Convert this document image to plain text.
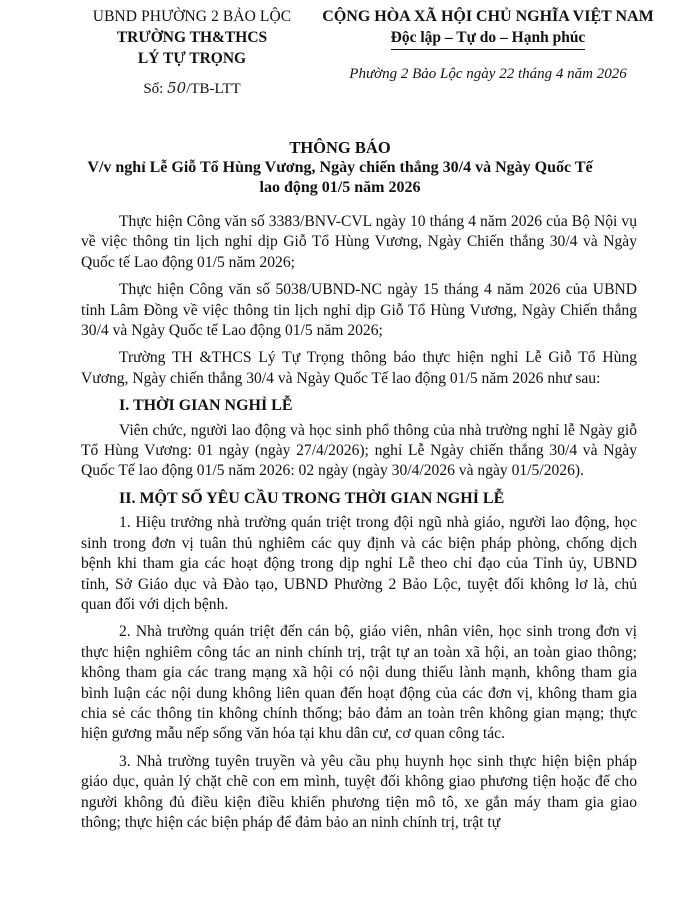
UBND PHƯỜNG 2 BẢO LỘC
TRƯỜNG TH&THCS
LÝ TỰ TRỌNG
Số: 50/TB-LTT
CỘNG HÒA XÃ HỘI CHỦ NGHĨA VIỆT NAM
Độc lập – Tự do – Hạnh phúc
Phường 2 Bảo Lộc ngày 22 tháng 4 năm 2026
THÔNG BÁO
V/v nghỉ Lễ Giỗ Tổ Hùng Vương, Ngày chiến thắng 30/4 và Ngày Quốc Tế
lao động 01/5 năm 2026

Thực hiện Công văn số 3383/BNV-CVL ngày 10 tháng 4 năm 2026 của Bộ Nội vụ về việc thông tin lịch nghỉ dịp Giỗ Tổ Hùng Vương, Ngày Chiến thắng 30/4 và Ngày Quốc tế Lao động 01/5 năm 2026;

Thực hiện Công văn số 5038/UBND-NC ngày 15 tháng 4 năm 2026 của UBND tỉnh Lâm Đồng về việc thông tin lịch nghỉ dịp Giỗ Tổ Hùng Vương, Ngày Chiến thắng 30/4 và Ngày Quốc tế Lao động 01/5 năm 2026;

Trường TH &THCS Lý Tự Trọng thông báo thực hiện nghỉ Lễ Giỗ Tổ Hùng Vương, Ngày chiến thắng 30/4 và Ngày Quốc Tế lao động 01/5 năm 2026 như sau:

I. THỜI GIAN NGHỈ LỄ

Viên chức, người lao động và học sinh phổ thông của nhà trường nghỉ lễ Ngày giỗ Tổ Hùng Vương: 01 ngày (ngày 27/4/2026); nghỉ Lễ Ngày chiến thắng 30/4 và Ngày Quốc Tế lao động 01/5 năm 2026: 02 ngày (ngày 30/4/2026 và ngày 01/5/2026).

II. MỘT SỐ YÊU CẦU TRONG THỜI GIAN NGHỈ LỄ

1. Hiệu trưởng nhà trường quán triệt trong đội ngũ nhà giáo, người lao động, học sinh trong đơn vị tuân thủ nghiêm các quy định và các biện pháp phòng, chống dịch bệnh khi tham gia các hoạt động trong dịp nghỉ Lễ theo chỉ đạo của Tỉnh ủy, UBND tỉnh, Sở Giáo dục và Đào tạo, UBND Phường 2 Bảo Lộc, tuyệt đối không lơ là, chủ quan đối với dịch bệnh.

2. Nhà trường quán triệt đến cán bộ, giáo viên, nhân viên, học sinh trong đơn vị thực hiện nghiêm công tác an ninh chính trị, trật tự an toàn xã hội, an toàn giao thông; không tham gia các trang mạng xã hội có nội dung thiếu lành mạnh, không tham gia bình luận các nội dung không liên quan đến hoạt động của các đơn vị, không tham gia chia sẻ các thông tin không chính thống; bảo đảm an toàn trên không gian mạng; thực hiện gương mẫu nếp sống văn hóa tại khu dân cư, cơ quan công tác.

3. Nhà trường tuyên truyền và yêu cầu phụ huynh học sinh thực hiện biện pháp giáo dục, quản lý chặt chẽ con em mình, tuyệt đối không giao phương tiện hoặc để cho người không đủ điều kiện điều khiển phương tiện mô tô, xe gắn máy tham gia giao thông; thực hiện các biện pháp để đảm bảo an ninh chính trị, trật tự
